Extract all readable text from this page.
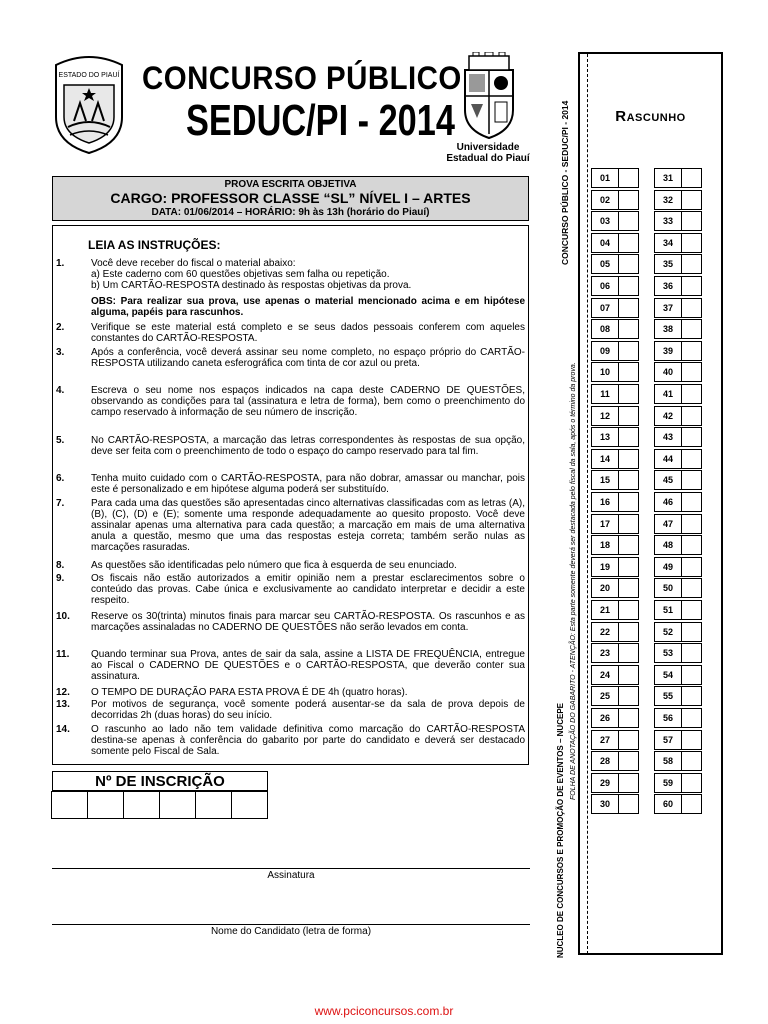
ESTADO DO PIAUÍ CONCURSO PÚBLICO
SEDUC/PI - 2014
Universidade
Estadual do Piauí
PROVA ESCRITA OBJETIVA
CARGO: PROFESSOR CLASSE “SL” NÍVEL I – ARTES
DATA: 01/06/2014 – HORÁRIO: 9h às 13h (horário do Piauí)
LEIA AS INSTRUÇÕES:
1.	Você deve receber do fiscal o material abaixo:
a) Este caderno com 60 questões objetivas sem falha ou repetição.
b) Um CARTÃO-RESPOSTA destinado às respostas objetivas da prova.
OBS: Para realizar sua prova, use apenas o material mencionado acima e em hipótese alguma, papéis para rascunhos.
2.	Verifique se este material está completo e se seus dados pessoais conferem com aqueles constantes do CARTÃO-RESPOSTA.
3.	Após a conferência, você deverá assinar seu nome completo, no espaço próprio do CARTÃO-RESPOSTA utilizando caneta esferográfica com tinta de cor azul ou preta.
4.	Escreva o seu nome nos espaços indicados na capa deste CADERNO DE QUESTÕES, observando as condições para tal (assinatura e letra de forma), bem como o preenchimento do campo reservado à informação de seu número de inscrição.
5.	No CARTÃO-RESPOSTA, a marcação das letras correspondentes às respostas de sua opção, deve ser feita com o preenchimento de todo o espaço do campo reservado para tal fim.
6.	Tenha muito cuidado com o CARTÃO-RESPOSTA, para não dobrar, amassar ou manchar, pois este é personalizado e em hipótese alguma poderá ser substituído.
7.	Para cada uma das questões são apresentadas cinco alternativas classificadas com as letras (A), (B), (C), (D) e (E); somente uma responde adequadamente ao quesito proposto. Você deve assinalar apenas uma alternativa para cada questão; a marcação em mais de uma alternativa anula a questão, mesmo que uma das respostas esteja correta; também serão nulas as marcações rasuradas.
8.	As questões são identificadas pelo número que fica à esquerda de seu enunciado.
9.	Os fiscais não estão autorizados a emitir opinião nem a prestar esclarecimentos sobre o conteúdo das provas. Cabe única e exclusivamente ao candidato interpretar e decidir a este respeito.
10.	Reserve os 30(trinta) minutos finais para marcar seu CARTÃO-RESPOSTA. Os rascunhos e as marcações assinaladas no CADERNO DE QUESTÕES não serão levados em conta.
11.	Quando terminar sua Prova, antes de sair da sala, assine a LISTA DE FREQUÊNCIA, entregue ao Fiscal o CADERNO DE QUESTÕES e o CARTÃO-RESPOSTA, que deverão conter sua assinatura.
12.	O TEMPO DE DURAÇÃO PARA ESTA PROVA É DE 4h (quatro horas).
13.	Por motivos de segurança, você somente poderá ausentar-se da sala de prova depois de decorridas 2h (duas horas) do seu início.
14.	O rascunho ao lado não tem validade definitiva como marcação do CARTÃO-RESPOSTA destina-se apenas à conferência do gabarito por parte do candidato e deverá ser destacado somente pelo Fiscal de Sala.
Nº DE INSCRIÇÃO
Assinatura
Nome do Candidato (letra de forma)	NUCLEO DE CONCURSOS E PROMOÇÃO DE EVENTOS – NUCEPE
CONCURSO PÚBLICO - SEDUC/PI - 2014
FOLHA DE ANOTAÇÃO DO GABARITO - ATENÇÃO: Esta parte somente deverá ser destacada pelo fiscal da sala, após o término da prova.
Rascunho
01
02
03
04
05
06
07
08
09
10
11
12
13
14
15
16
17
18
19
20
21
22
23
24
25
26
27
28
29
30
31
32
33
34
35
36
37
38
39
40
41
42
43
44
45
46
47
48
49
50
51
52
53
54
55
56
57
58
59
60
www.pciconcursos.com.br
